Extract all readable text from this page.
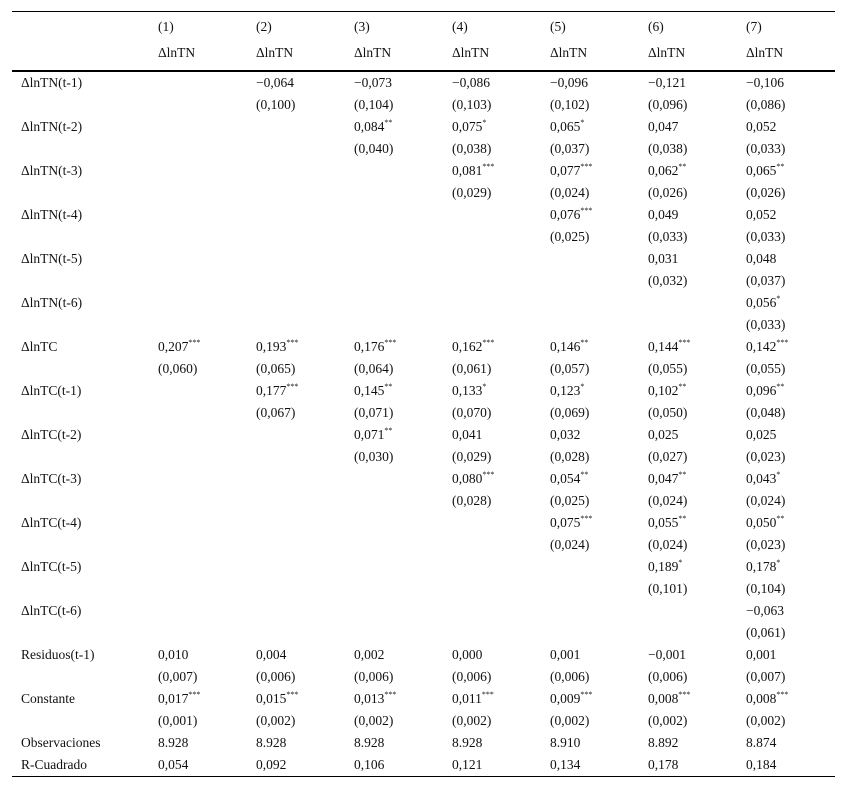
	(1)	(2)	(3)	(4)	(5)	(6)	(7)
	ΔlnTN	ΔlnTN	ΔlnTN	ΔlnTN	ΔlnTN	ΔlnTN	ΔlnTN
ΔlnTN(t-1)		−0,064	−0,073	−0,086	−0,096	−0,121	−0,106
		(0,100)	(0,104)	(0,103)	(0,102)	(0,096)	(0,086)
ΔlnTN(t-2)			0,084**	0,075*	0,065*	0,047	0,052
			(0,040)	(0,038)	(0,037)	(0,038)	(0,033)
ΔlnTN(t-3)				0,081***	0,077***	0,062**	0,065**
				(0,029)	(0,024)	(0,026)	(0,026)
ΔlnTN(t-4)					0,076***	0,049	0,052
					(0,025)	(0,033)	(0,033)
ΔlnTN(t-5)						0,031	0,048
						(0,032)	(0,037)
ΔlnTN(t-6)							0,056*
							(0,033)
ΔlnTC	0,207***	0,193***	0,176***	0,162***	0,146**	0,144***	0,142***
	(0,060)	(0,065)	(0,064)	(0,061)	(0,057)	(0,055)	(0,055)
ΔlnTC(t-1)		0,177***	0,145**	0,133*	0,123*	0,102**	0,096**
		(0,067)	(0,071)	(0,070)	(0,069)	(0,050)	(0,048)
ΔlnTC(t-2)			0,071**	0,041	0,032	0,025	0,025
			(0,030)	(0,029)	(0,028)	(0,027)	(0,023)
ΔlnTC(t-3)				0,080***	0,054**	0,047**	0,043*
				(0,028)	(0,025)	(0,024)	(0,024)
ΔlnTC(t-4)					0,075***	0,055**	0,050**
					(0,024)	(0,024)	(0,023)
ΔlnTC(t-5)						0,189*	0,178*
						(0,101)	(0,104)
ΔlnTC(t-6)							−0,063
							(0,061)
Residuos(t-1)	0,010	0,004	0,002	0,000	0,001	−0,001	0,001
	(0,007)	(0,006)	(0,006)	(0,006)	(0,006)	(0,006)	(0,007)
Constante	0,017***	0,015***	0,013***	0,011***	0,009***	0,008***	0,008***
	(0,001)	(0,002)	(0,002)	(0,002)	(0,002)	(0,002)	(0,002)
Observaciones	8.928	8.928	8.928	8.928	8.910	8.892	8.874
R-Cuadrado	0,054	0,092	0,106	0,121	0,134	0,178	0,184
